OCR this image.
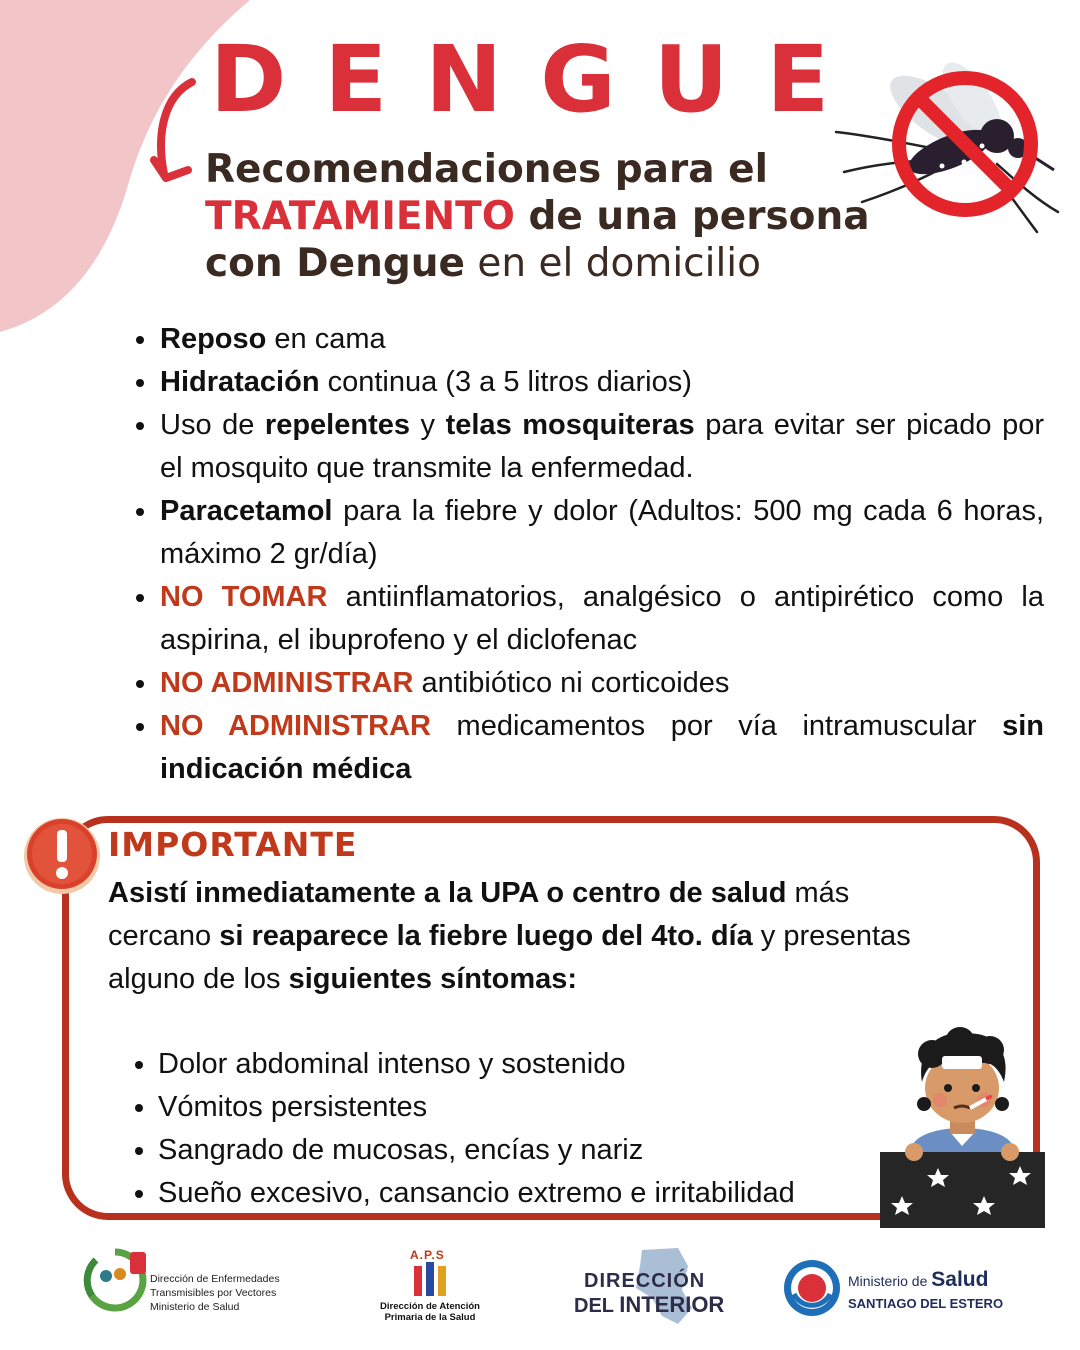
DENGUE
Recomendaciones para el
TRATAMIENTO de una persona
con Dengue en el domicilio
Reposo en cama
Hidratación continua (3 a 5 litros diarios)
Uso de repelentes y telas mosquiteras para evitar ser picado por el mosquito que transmite la enfermedad.
Paracetamol para la fiebre y dolor (Adultos: 500 mg cada 6 horas, máximo 2 gr/día)
NO TOMAR antiinflamatorios, analgésico o antipirético como la aspirina, el ibuprofeno y el diclofenac
NO ADMINISTRAR antibiótico ni corticoides
NO ADMINISTRAR medicamentos por vía intramuscular sin indicación médica
IMPORTANTE

Asistí inmediatamente a la UPA o centro de salud más cercano si reaparece la fiebre luego del 4to. día y presentas alguno de los siguientes síntomas:

Dolor abdominal intenso y sostenido
Vómitos persistentes
Sangrado de mucosas, encías y nariz
Sueño excesivo, cansancio extremo e irritabilidad
Dirección de Enfermedades
Transmisibles por Vectores
Ministerio de Salud
A.P.S
Dirección de Atención
Primaria de la Salud
DIRECCIÓN
DEL INTERIOR
Ministerio de Salud
SANTIAGO DEL ESTERO
